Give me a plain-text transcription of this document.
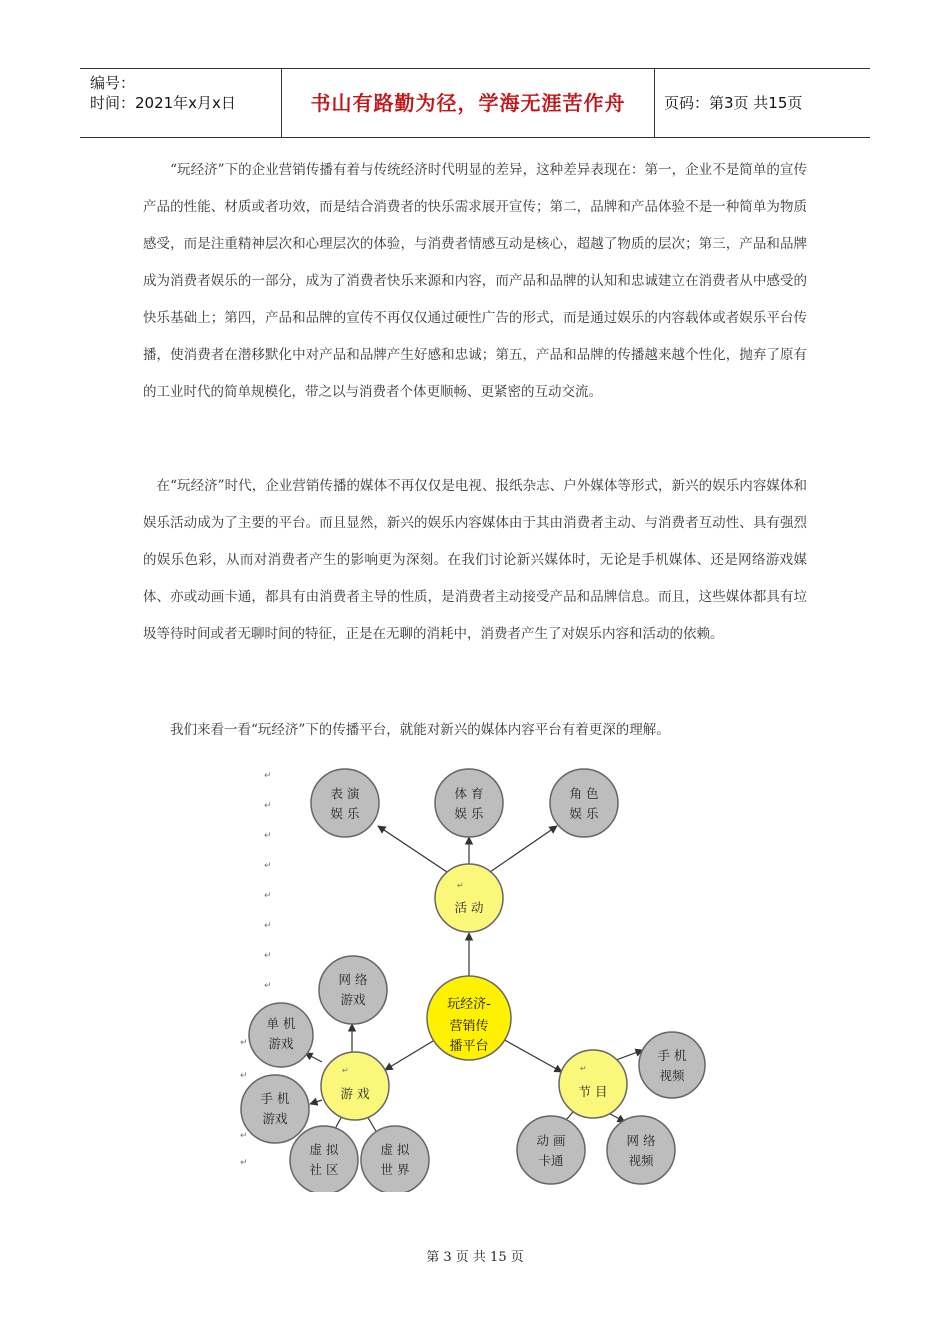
编号：
时间：2021年x月x日	书山有路勤为径，学海无涯苦作舟	页码：第3页 共15页

　　“玩经济”下的企业营销传播有着与传统经济时代明显的差异，这种差异表现在：第一，企业不是简单的宣传产品的性能、材质或者功效，而是结合消费者的快乐需求展开宣传；第二，品牌和产品体验不是一种简单为物质感受，而是注重精神层次和心理层次的体验，与消费者情感互动是核心，超越了物质的层次；第三，产品和品牌成为消费者娱乐的一部分，成为了消费者快乐来源和内容，而产品和品牌的认知和忠诚建立在消费者从中感受的快乐基础上；第四，产品和品牌的宣传不再仅仅通过硬性广告的形式，而是通过娱乐的内容载体或者娱乐平台传播，使消费者在潜移默化中对产品和品牌产生好感和忠诚；第五，产品和品牌的传播越来越个性化，抛弃了原有的工业时代的简单规模化，带之以与消费者个体更顺畅、更紧密的互动交流。

　在“玩经济”时代，企业营销传播的媒体不再仅仅是电视、报纸杂志、户外媒体等形式，新兴的娱乐内容媒体和娱乐活动成为了主要的平台。而且显然，新兴的娱乐内容媒体由于其由消费者主动、与消费者互动性、具有强烈的娱乐色彩，从而对消费者产生的影响更为深刻。在我们讨论新兴媒体时，无论是手机媒体、还是网络游戏媒体、亦或动画卡通，都具有由消费者主导的性质，是消费者主动接受产品和品牌信息。而且，这些媒体都具有垃圾等待时间或者无聊时间的特征，正是在无聊的消耗中，消费者产生了对娱乐内容和活动的依赖。

　　我们来看一看“玩经济”下的传播平台，就能对新兴的媒体内容平台有着更深的理解。

↵
↵
↵
↵
↵
↵
↵
↵
↵
↵
↵
↵
表 演
娱 乐
体 育
娱 乐
角 色
娱 乐
↵
活 动
玩经济-
营销传
播平台
网 络
游戏
单 机
游戏
↵
游 戏
手 机
游戏
虚 拟
社 区
虚 拟
世 界
↵
节 目
手 机
视频
动 画
卡通
网 络
视频
第 3 页 共 15 页
